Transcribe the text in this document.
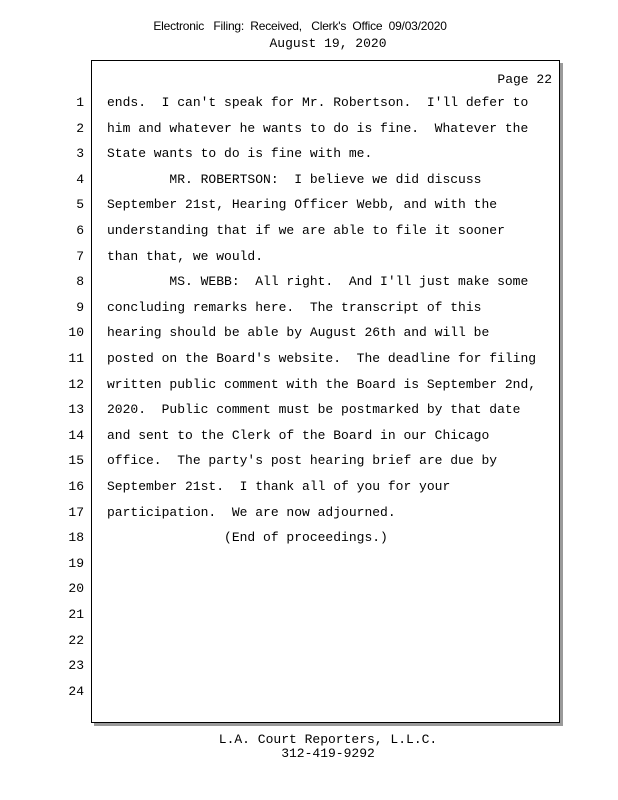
Electronic   Filing:  Received,   Clerk's  Office  09/03/2020
August 19, 2020
Page 22
1 ends.  I can't speak for Mr. Robertson.  I'll defer to
2 him and whatever he wants to do is fine.  Whatever the
3 State wants to do is fine with me.
4 MR. ROBERTSON:  I believe we did discuss
5 September 21st, Hearing Officer Webb, and with the
6 understanding that if we are able to file it sooner
7 than that, we would.
8 MS. WEBB:  All right.  And I'll just make some
9 concluding remarks here.  The transcript of this
10 hearing should be able by August 26th and will be
11 posted on the Board's website.  The deadline for filing
12 written public comment with the Board is September 2nd,
13 2020.  Public comment must be postmarked by that date
14 and sent to the Clerk of the Board in our Chicago
15 office.  The party's post hearing brief are due by
16 September 21st.  I thank all of you for your
17 participation.  We are now adjourned.
18 (End of proceedings.)
19
20
21
22
23
24
L.A. Court Reporters, L.L.C.
312-419-9292
